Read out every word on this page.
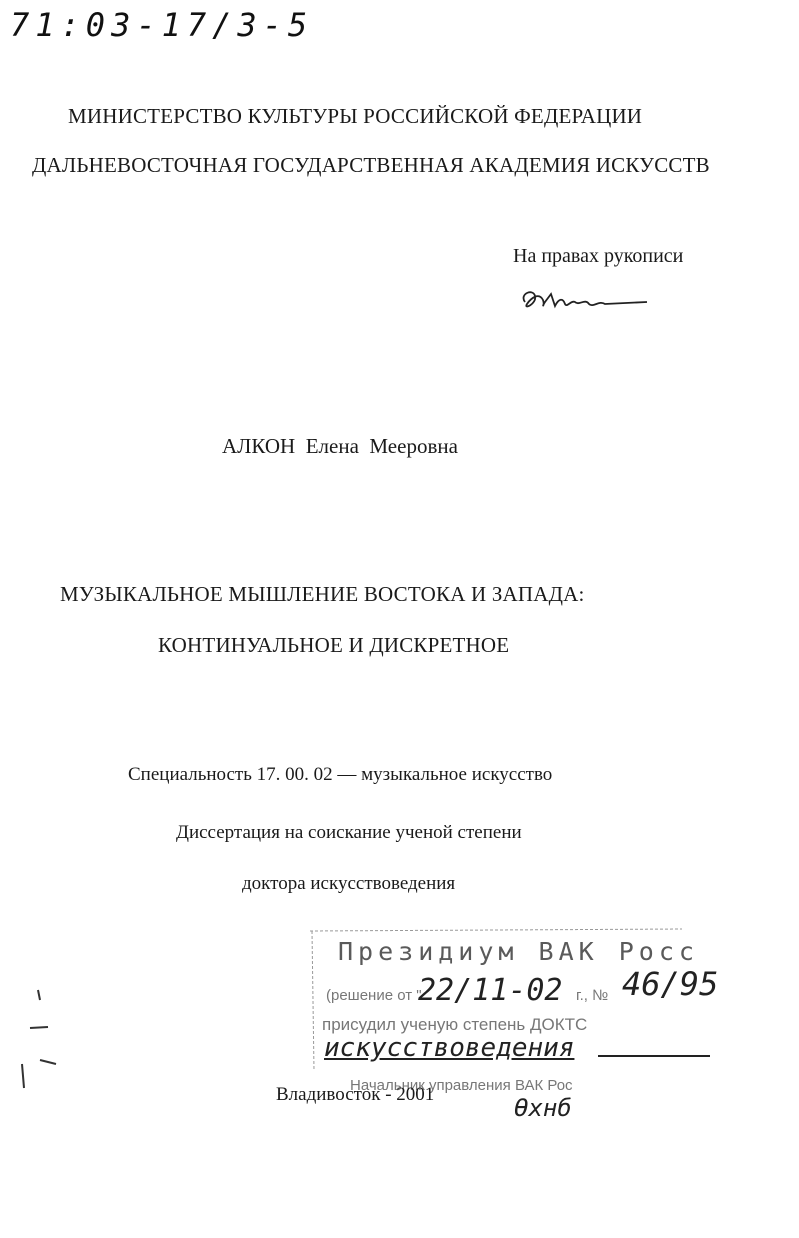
71:03-17/3-5
МИНИСТЕРСТВО КУЛЬТУРЫ РОССИЙСКОЙ ФЕДЕРАЦИИ
ДАЛЬНЕВОСТОЧНАЯ ГОСУДАРСТВЕННАЯ АКАДЕМИЯ ИСКУССТВ
На правах рукописи
АЛКОН  Елена  Мееровна
МУЗЫКАЛЬНОЕ МЫШЛЕНИЕ ВОСТОКА И ЗАПАДА:
КОНТИНУАЛЬНОЕ И ДИСКРЕТНОЕ
Специальность 17. 00. 02 — музыкальное искусство
Диссертация на соискание ученой степени
доктора искусствоведения
Президиум ВАК Росс
(решение от "
22/11-02 г., № 46/95
присудил ученую степень ДОКТС
искусствоведения
Начальник управления ВАК Рос
Владивосток - 2001	Ѳхнб
